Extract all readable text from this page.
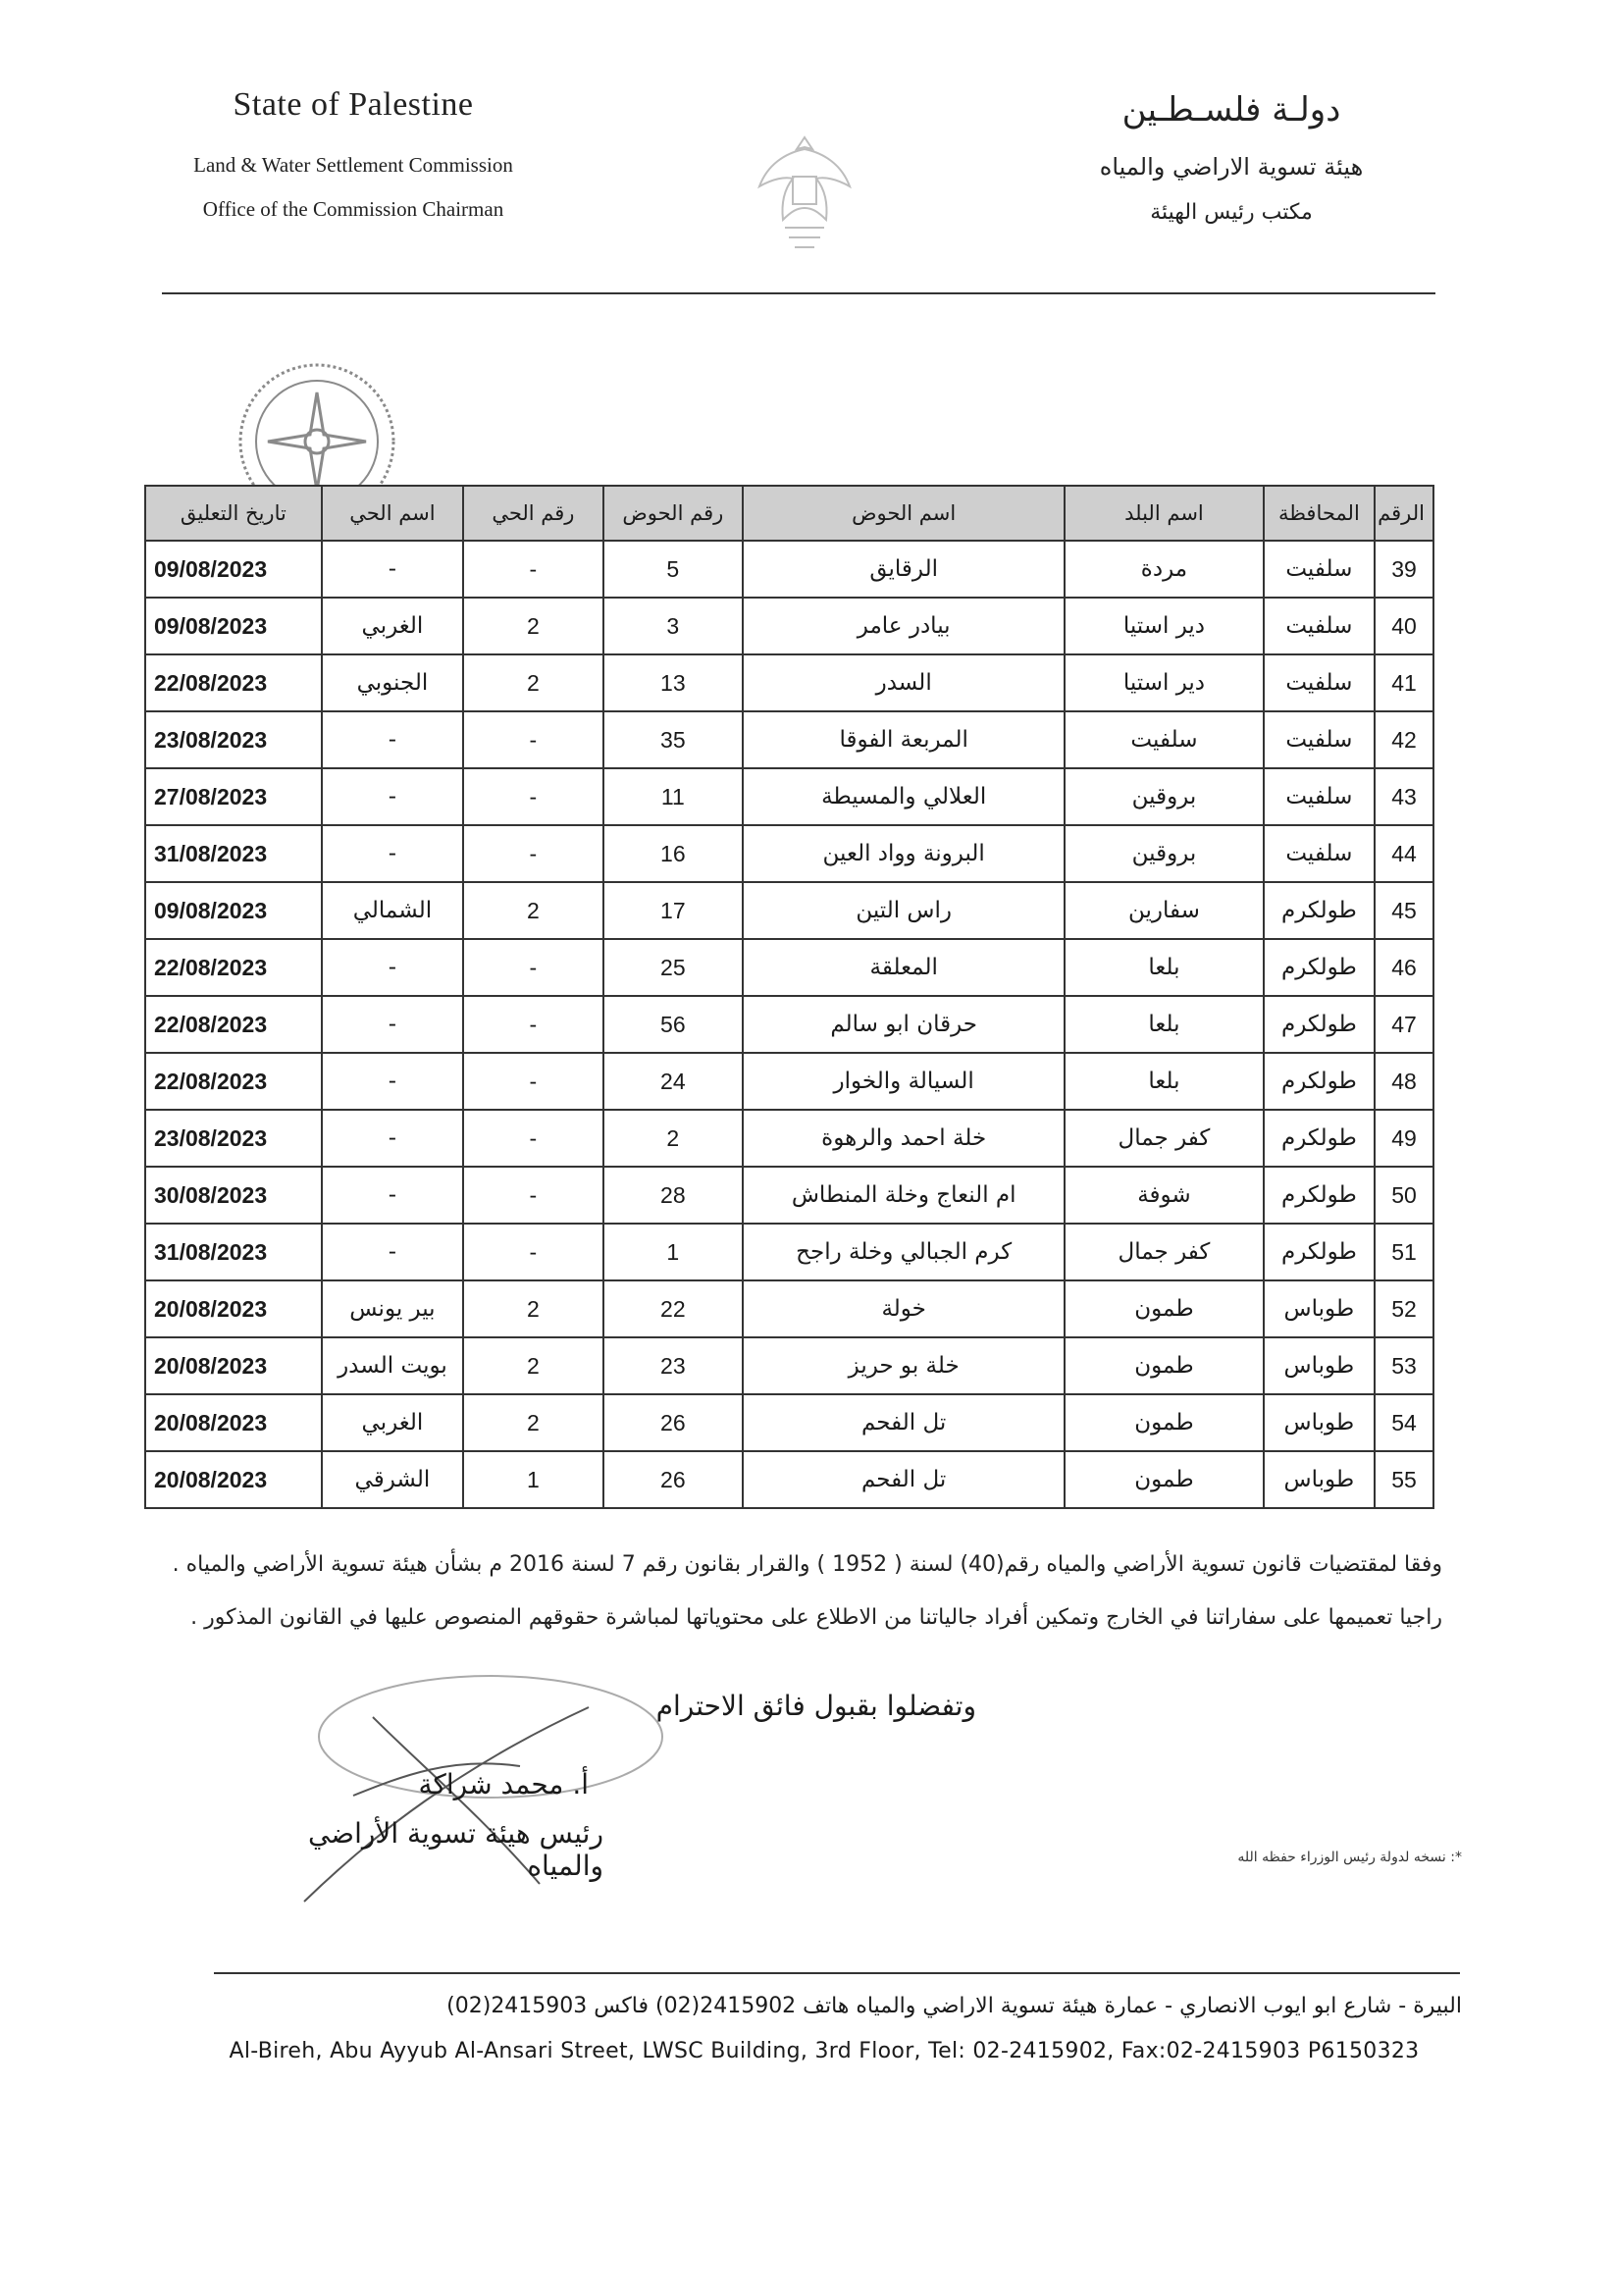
State of Palestine
Land & Water Settlement Commission
Office of the Commission Chairman
دولـة فلسـطـين
هيئة تسوية الاراضي والمياه
مكتب رئيس الهيئة
الرقم	المحافظة	اسم البلد	اسم الحوض	رقم الحوض	رقم الحي	اسم الحي	تاريخ التعليق
39	سلفيت	مردة	الرقايق	5	-	-	09/08/2023
40	سلفيت	دير استيا	بيادر عامر	3	2	الغربي	09/08/2023
41	سلفيت	دير استيا	السدر	13	2	الجنوبي	22/08/2023
42	سلفيت	سلفيت	المربعة الفوقا	35	-	-	23/08/2023
43	سلفيت	بروقين	العلالي والمسيطة	11	-	-	27/08/2023
44	سلفيت	بروقين	البرونة وواد العين	16	-	-	31/08/2023
45	طولكرم	سفارين	راس التين	17	2	الشمالي	09/08/2023
46	طولكرم	بلعا	المعلقة	25	-	-	22/08/2023
47	طولكرم	بلعا	حرقان ابو سالم	56	-	-	22/08/2023
48	طولكرم	بلعا	السيالة والخوار	24	-	-	22/08/2023
49	طولكرم	كفر جمال	خلة احمد والرهوة	2	-	-	23/08/2023
50	طولكرم	شوفة	ام النعاج وخلة المنطاش	28	-	-	30/08/2023
51	طولكرم	كفر جمال	كرم الجبالي وخلة راجح	1	-	-	31/08/2023
52	طوباس	طمون	خولة	22	2	بير يونس	20/08/2023
53	طوباس	طمون	خلة بو حريز	23	2	بويت السدر	20/08/2023
54	طوباس	طمون	تل الفحم	26	2	الغربي	20/08/2023
55	طوباس	طمون	تل الفحم	26	1	الشرقي	20/08/2023
وفقا لمقتضيات قانون تسوية الأراضي والمياه رقم(40) لسنة ( 1952 ) والقرار بقانون رقم 7 لسنة 2016 م بشأن هيئة تسوية الأراضي والمياه .
راجيا تعميمها على سفاراتنا في الخارج وتمكين أفراد جالياتنا من الاطلاع على محتوياتها لمباشرة حقوقهم المنصوص عليها في القانون المذكور .
وتفضلوا بقبول فائق الاحترام
أ. محمد شراكة
رئيس هيئة تسوية الأراضي والمياه	*: نسخه لدولة رئيس الوزراء حفظه الله
البيرة - شارع ابو ايوب الانصاري - عمارة هيئة تسوية الاراضي والمياه هاتف 2415902(02) فاكس 2415903(02)
Al-Bireh, Abu Ayyub Al-Ansari Street, LWSC Building, 3rd Floor, Tel: 02-2415902, Fax:02-2415903 P6150323
